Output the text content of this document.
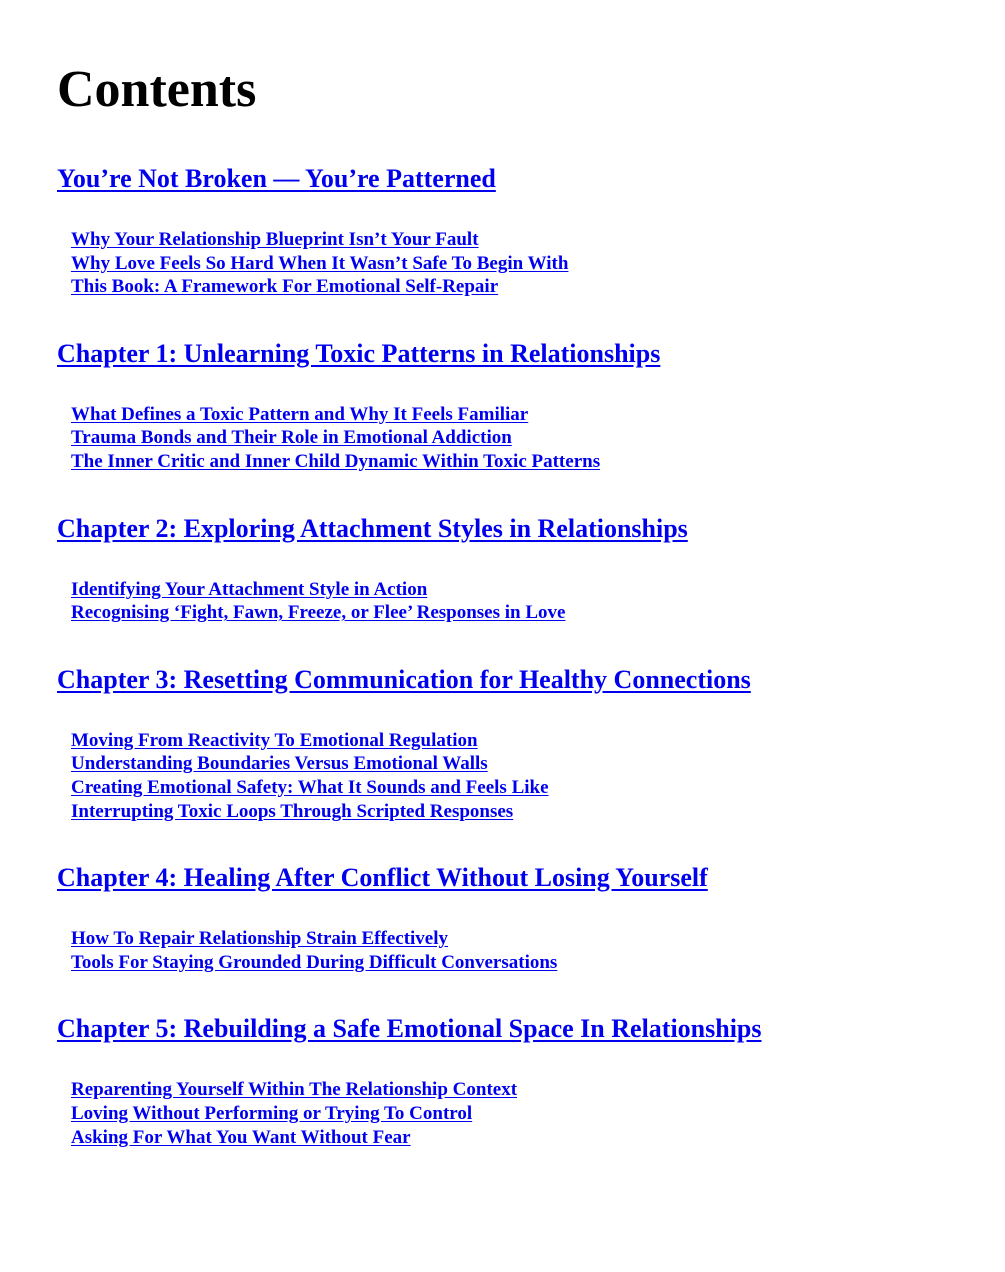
Contents
You’re Not Broken — You’re Patterned
Why Your Relationship Blueprint Isn’t Your Fault
Why Love Feels So Hard When It Wasn’t Safe To Begin With
This Book: A Framework For Emotional Self-Repair
Chapter 1: Unlearning Toxic Patterns in Relationships
What Defines a Toxic Pattern and Why It Feels Familiar
Trauma Bonds and Their Role in Emotional Addiction
The Inner Critic and Inner Child Dynamic Within Toxic Patterns
Chapter 2: Exploring Attachment Styles in Relationships
Identifying Your Attachment Style in Action
Recognising ‘Fight, Fawn, Freeze, or Flee’ Responses in Love
Chapter 3: Resetting Communication for Healthy Connections
Moving From Reactivity To Emotional Regulation
Understanding Boundaries Versus Emotional Walls
Creating Emotional Safety: What It Sounds and Feels Like
Interrupting Toxic Loops Through Scripted Responses
Chapter 4: Healing After Conflict Without Losing Yourself
How To Repair Relationship Strain Effectively
Tools For Staying Grounded During Difficult Conversations
Chapter 5: Rebuilding a Safe Emotional Space In Relationships
Reparenting Yourself Within The Relationship Context
Loving Without Performing or Trying To Control
Asking For What You Want Without Fear
